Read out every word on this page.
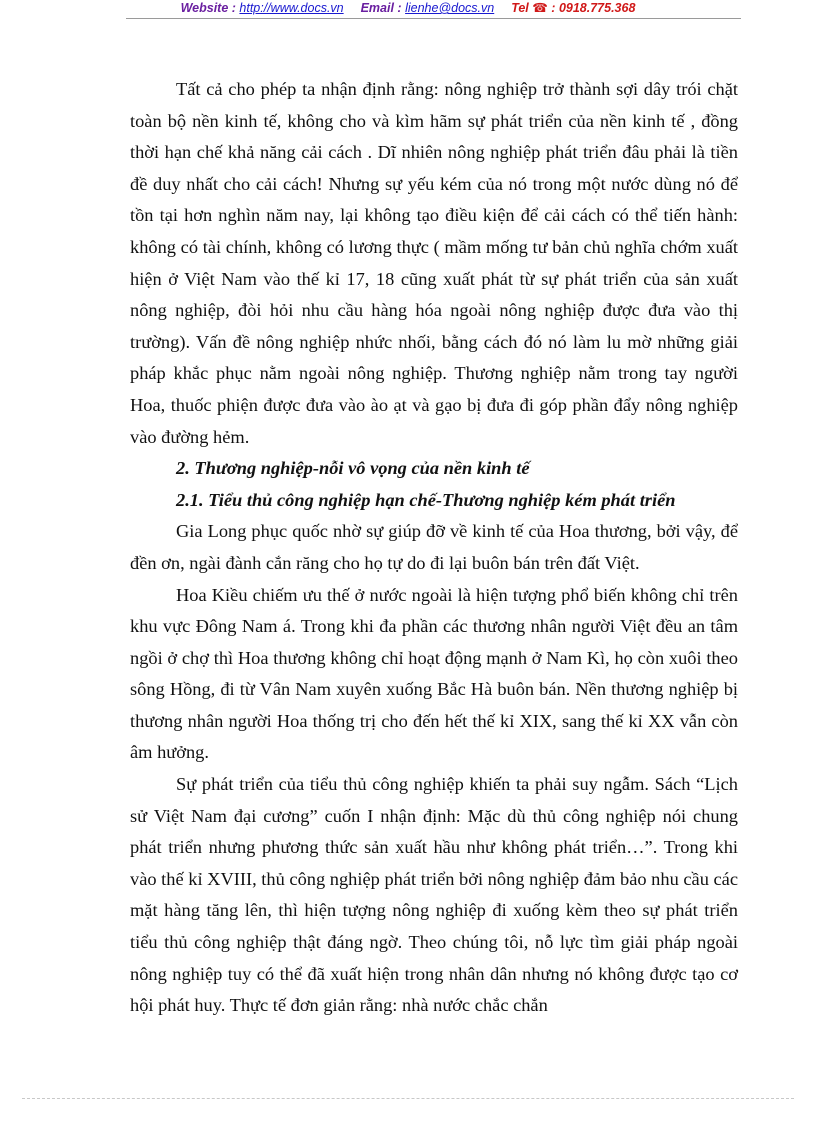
Website : http://www.docs.vn Email : lienhe@docs.vn Tel ☎ : 0918.775.368

Tất cả cho phép ta nhận định rằng: nông nghiệp trở thành sợi dây trói chặt toàn bộ nền kinh tế, không cho và kìm hãm sự phát triển của nền kinh tế , đồng thời hạn chế khả năng cải cách . Dĩ nhiên nông nghiệp phát triển đâu phải là tiền đề duy nhất cho cải cách! Nhưng sự yếu kém của nó trong một nước dùng nó để tồn tại hơn nghìn năm nay, lại không tạo điều kiện để cải cách có thể tiến hành: không có tài chính, không có lương thực ( mầm mống tư bản chủ nghĩa chớm xuất hiện ở Việt Nam vào thế kỉ 17, 18 cũng xuất phát từ sự phát triển của sản xuất nông nghiệp, đòi hỏi nhu cầu hàng hóa ngoài nông nghiệp được đưa vào thị trường). Vấn đề nông nghiệp nhức nhối, bằng cách đó nó làm lu mờ những giải pháp khắc phục nằm ngoài nông nghiệp. Thương nghiệp nằm trong tay người Hoa, thuốc phiện được đưa vào ào ạt và gạo bị đưa đi góp phần đẩy nông nghiệp vào đường hẻm.

2. Thương nghiệp-nỗi vô vọng của nền kinh tế
2.1. Tiểu thủ công nghiệp hạn chế-Thương nghiệp kém phát triển

Gia Long phục quốc nhờ sự giúp đỡ về kinh tế của Hoa thương, bởi vậy, để đền ơn, ngài đành cắn răng cho họ tự do đi lại buôn bán trên đất Việt.

Hoa Kiều chiếm ưu thế ở nước ngoài là hiện tượng phổ biến không chỉ trên khu vực Đông Nam á. Trong khi đa phần các thương nhân người Việt đều an tâm ngồi ở chợ thì Hoa thương không chỉ hoạt động mạnh ở Nam Kì, họ còn xuôi theo sông Hồng, đi từ Vân Nam xuyên xuống Bắc Hà buôn bán. Nền thương nghiệp bị thương nhân người Hoa thống trị cho đến hết thế kỉ XIX, sang thế kỉ XX vẫn còn âm hưởng.

Sự phát triển của tiểu thủ công nghiệp khiến ta phải suy ngẫm. Sách “Lịch sử Việt Nam đại cương” cuốn I nhận định: Mặc dù thủ công nghiệp nói chung phát triển nhưng phương thức sản xuất hầu như không phát triển…”. Trong khi vào thế kỉ XVIII, thủ công nghiệp phát triển bởi nông nghiệp đảm bảo nhu cầu các mặt hàng tăng lên, thì hiện tượng nông nghiệp đi xuống kèm theo sự phát triển tiểu thủ công nghiệp thật đáng ngờ. Theo chúng tôi, nỗ lực tìm giải pháp ngoài nông nghiệp tuy có thể đã xuất hiện trong nhân dân nhưng nó không được tạo cơ hội phát huy. Thực tế đơn giản rằng: nhà nước chắc chắn
